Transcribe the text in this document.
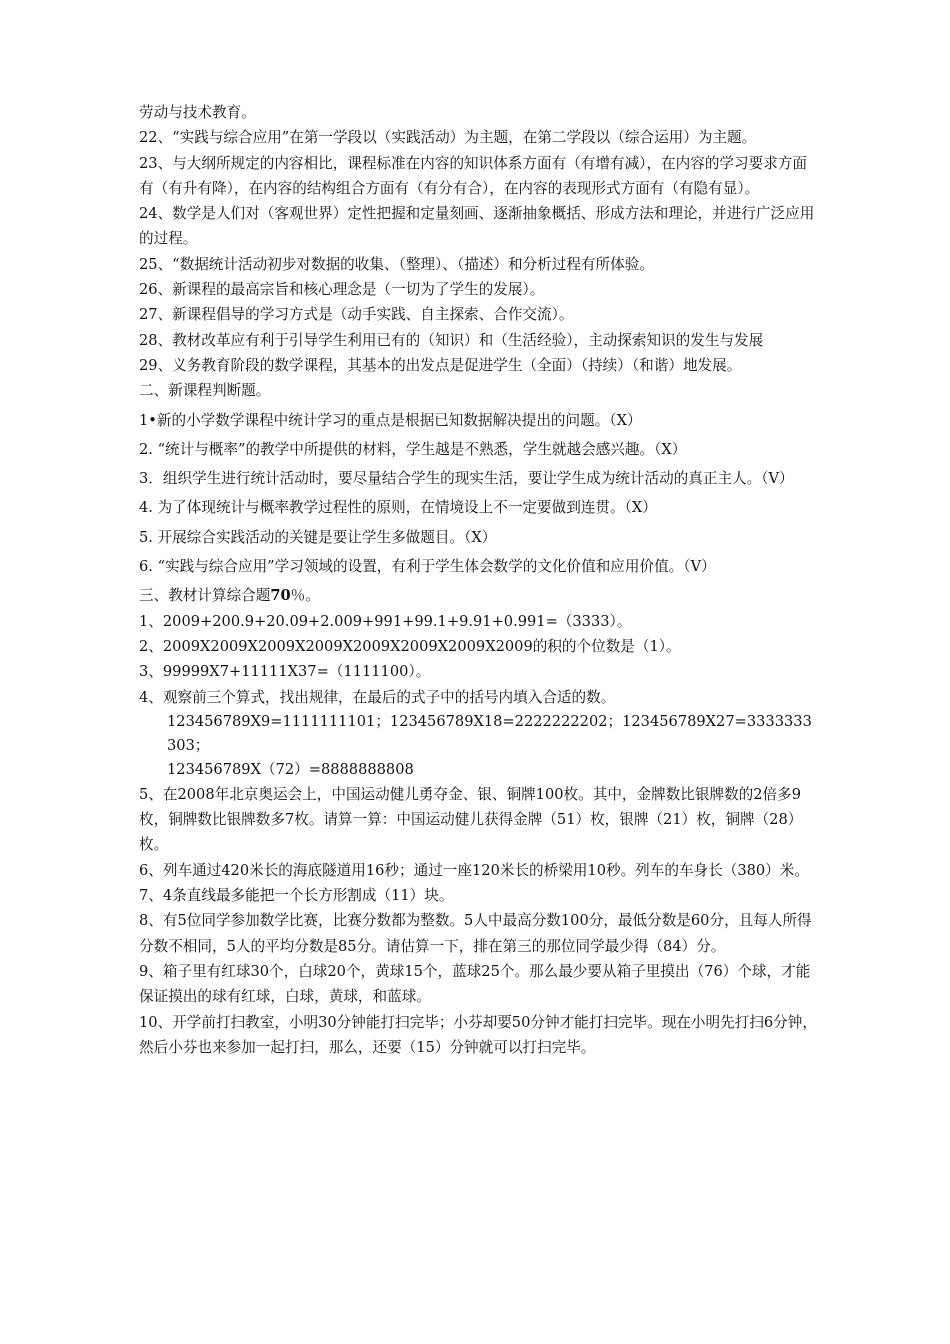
劳动与技术教育。

22、“实践与综合应用”在第一学段以（实践活动）为主题，在第二学段以（综合运用）为主题。

23、与大纲所规定的内容相比，课程标准在内容的知识体系方面有（有增有减），在内容的学习要求方面有（有升有降），在内容的结构组合方面有（有分有合），在内容的表现形式方面有（有隐有显）。

24、数学是人们对（客观世界）定性把握和定量刻画、逐渐抽象概括、形成方法和理论，并进行广泛应用的过程。

25、“数据统计活动初步对数据的收集、（整理）、（描述）和分析过程有所体验。

26、新课程的最高宗旨和核心理念是（一切为了学生的发展）。

27、新课程倡导的学习方式是（动手实践、自主探索、合作交流）。

28、教材改革应有利于引导学生利用已有的（知识）和（生活经验），主动探索知识的发生与发展

29、义务教育阶段的数学课程，其基本的出发点是促进学生（全面）（持续）（和谐）地发展。

二、新课程判断题。

1•新的小学数学课程中统计学习的重点是根据已知数据解决提出的问题。（X）

2. “统计与概率”的教学中所提供的材料，学生越是不熟悉，学生就越会感兴趣。（X）

3．组织学生进行统计活动时，要尽量结合学生的现实生活，要让学生成为统计活动的真正主人。（V）

4. 为了体现统计与概率教学过程性的原则，在情境设上不一定要做到连贯。（X）

5. 开展综合实践活动的关键是要让学生多做题目。（X）

6. “实践与综合应用”学习领域的设置，有利于学生体会数学的文化价值和应用价值。（V）

三、教材计算综合题70％。

1、2009+200.9+20.09+2.009+991+99.1+9.91+0.991=（3333）。

2、2009X2009X2009X2009X2009X2009X2009X2009的积的个位数是（1）。

3、99999X7+11111X37=（1111100）。

4、观察前三个算式，找出规律，在最后的式子中的括号内填入合适的数。

123456789X9=1111111101；123456789X18=2222222202；123456789X27=3333333303；

123456789X（72）=8888888808

5、在2008年北京奥运会上，中国运动健儿勇夺金、银、铜牌100枚。其中，金牌数比银牌数的2倍多9枚，铜牌数比银牌数多7枚。请算一算：中国运动健儿获得金牌（51）枚，银牌（21）枚，铜牌（28）枚。

6、列车通过420米长的海底隧道用16秒；通过一座120米长的桥梁用10秒。列车的车身长（380）米。

7、4条直线最多能把一个长方形割成（11）块。

8、有5位同学参加数学比赛，比赛分数都为整数。5人中最高分数100分，最低分数是60分，且每人所得分数不相同，5人的平均分数是85分。请估算一下，排在第三的那位同学最少得（84）分。

9、箱子里有红球30个，白球20个，黄球15个，蓝球25个。那么最少要从箱子里摸出（76）个球，才能保证摸出的球有红球，白球，黄球，和蓝球。

10、开学前打扫教室，小明30分钟能打扫完毕；小芬却要50分钟才能打扫完毕。现在小明先打扫6分钟，然后小芬也来参加一起打扫，那么，还要（15）分钟就可以打扫完毕。
